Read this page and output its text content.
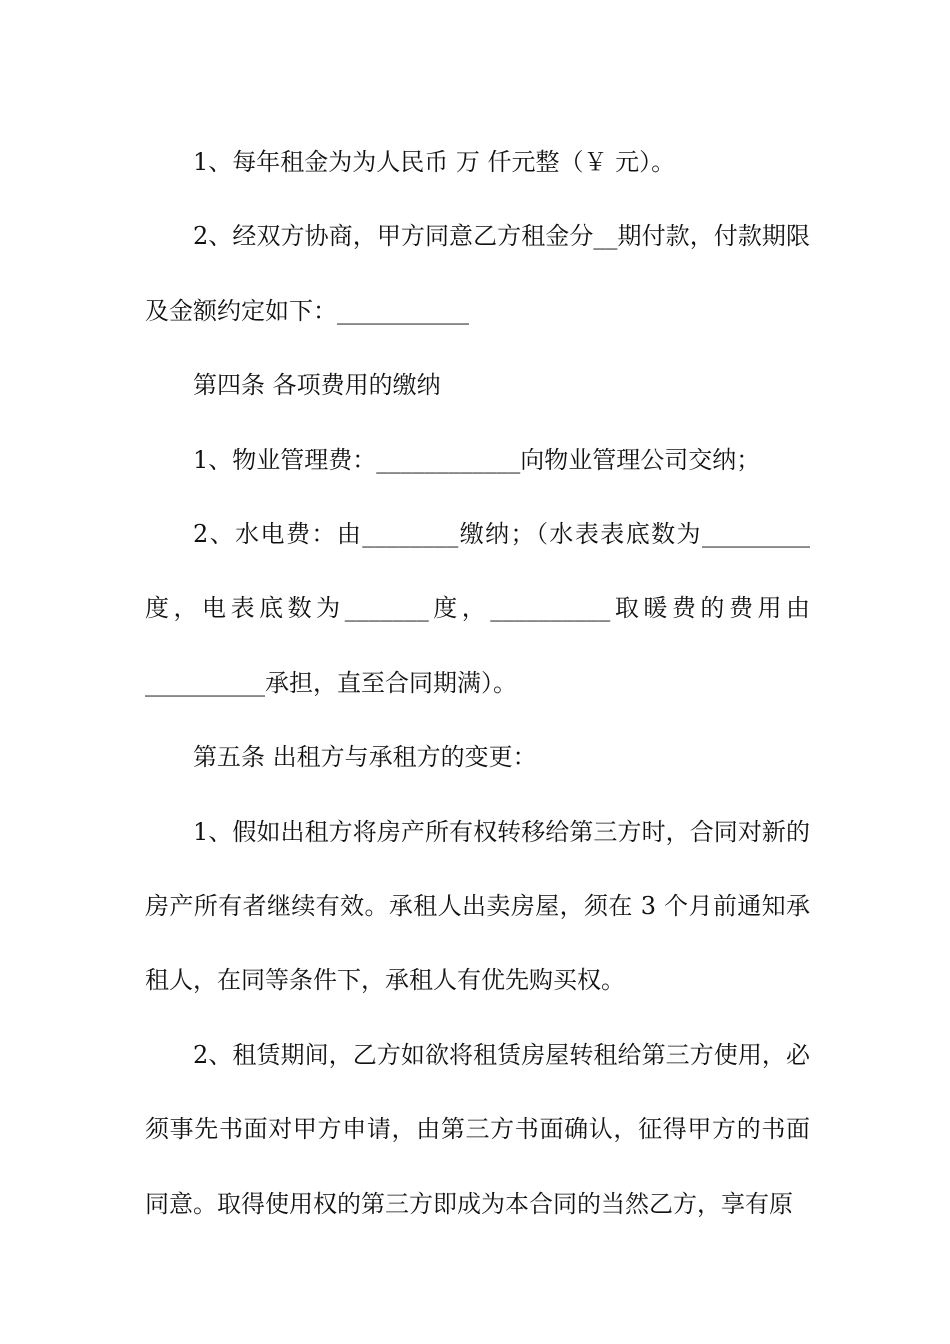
1、每年租金为为人民币 万 仟元整（￥ 元）。

2、经双方协商，甲方同意乙方租金分__期付款，付款期限及金额约定如下：___________

第四条 各项费用的缴纳

1、物业管理费：____________向物业管理公司交纳；

2、水电费：由________缴纳；（水表表底数为_________度，电表底数为_______度，__________取暖费的费用由__________承担，直至合同期满）。

第五条 出租方与承租方的变更：

1、假如出租方将房产所有权转移给第三方时，合同对新的房产所有者继续有效。承租人出卖房屋，须在 3 个月前通知承租人，在同等条件下，承租人有优先购买权。

2、租赁期间，乙方如欲将租赁房屋转租给第三方使用，必须事先书面对甲方申请，由第三方书面确认，征得甲方的书面同意。取得使用权的第三方即成为本合同的当然乙方，享有原
